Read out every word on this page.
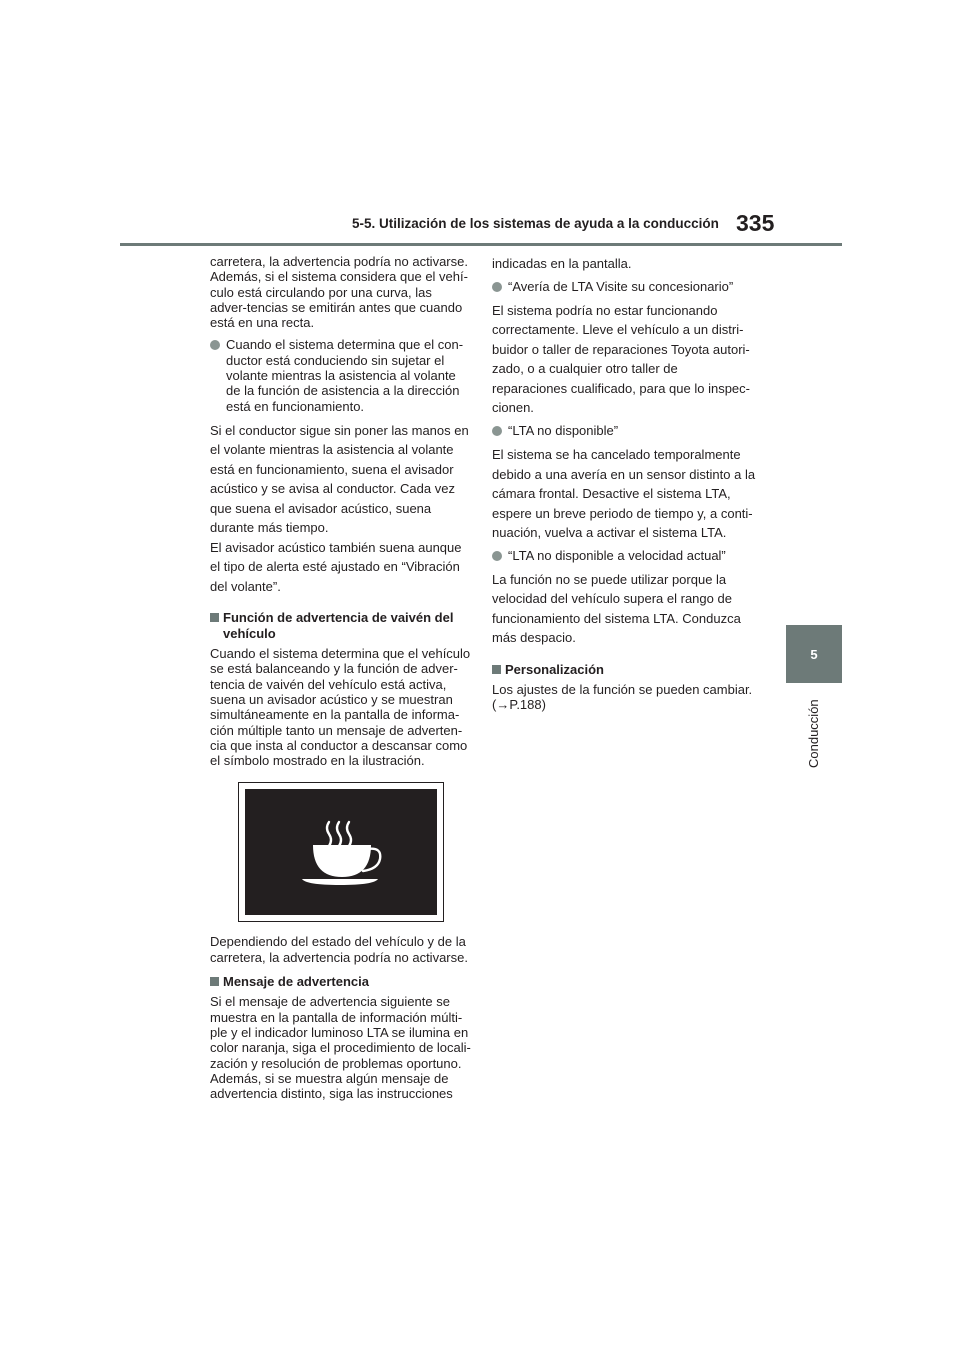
5-5. Utilización de los sistemas de ayuda a la conducción 335
5
Conducción

carretera, la advertencia podría no activarse. Además, si el sistema considera que el vehí-culo está circulando por una curva, las adver-tencias se emitirán antes que cuando está en una recta.

Cuando el sistema determina que el con-ductor está conduciendo sin sujetar el volante mientras la asistencia al volante de la función de asistencia a la dirección está en funcionamiento.

Si el conductor sigue sin poner las manos en el volante mientras la asistencia al volante está en funcionamiento, suena el avisador acústico y se avisa al conductor. Cada vez que suena el avisador acústico, suena durante más tiempo.

El avisador acústico también suena aunque el tipo de alerta esté ajustado en “Vibración del volante”.

Función de advertencia de vaivén del vehículo

Cuando el sistema determina que el vehículo se está balanceando y la función de adver-tencia de vaivén del vehículo está activa, suena un avisador acústico y se muestran simultáneamente en la pantalla de informa-ción múltiple tanto un mensaje de adverten-cia que insta al conductor a descansar como el símbolo mostrado en la ilustración.

Dependiendo del estado del vehículo y de la carretera, la advertencia podría no activarse.

Mensaje de advertencia

Si el mensaje de advertencia siguiente se muestra en la pantalla de información múlti-ple y el indicador luminoso LTA se ilumina en color naranja, siga el procedimiento de locali-zación y resolución de problemas oportuno. Además, si se muestra algún mensaje de advertencia distinto, siga las instrucciones

indicadas en la pantalla.

“Avería de LTA Visite su concesionario”

El sistema podría no estar funcionando correctamente. Lleve el vehículo a un distri-buidor o taller de reparaciones Toyota autori-zado, o a cualquier otro taller de reparaciones cualificado, para que lo inspec-cionen.

“LTA no disponible”

El sistema se ha cancelado temporalmente debido a una avería en un sensor distinto a la cámara frontal. Desactive el sistema LTA, espere un breve periodo de tiempo y, a conti-nuación, vuelva a activar el sistema LTA.

“LTA no disponible a velocidad actual”

La función no se puede utilizar porque la velocidad del vehículo supera el rango de funcionamiento del sistema LTA. Conduzca más despacio.

Personalización

Los ajustes de la función se pueden cambiar. (→P.188)
